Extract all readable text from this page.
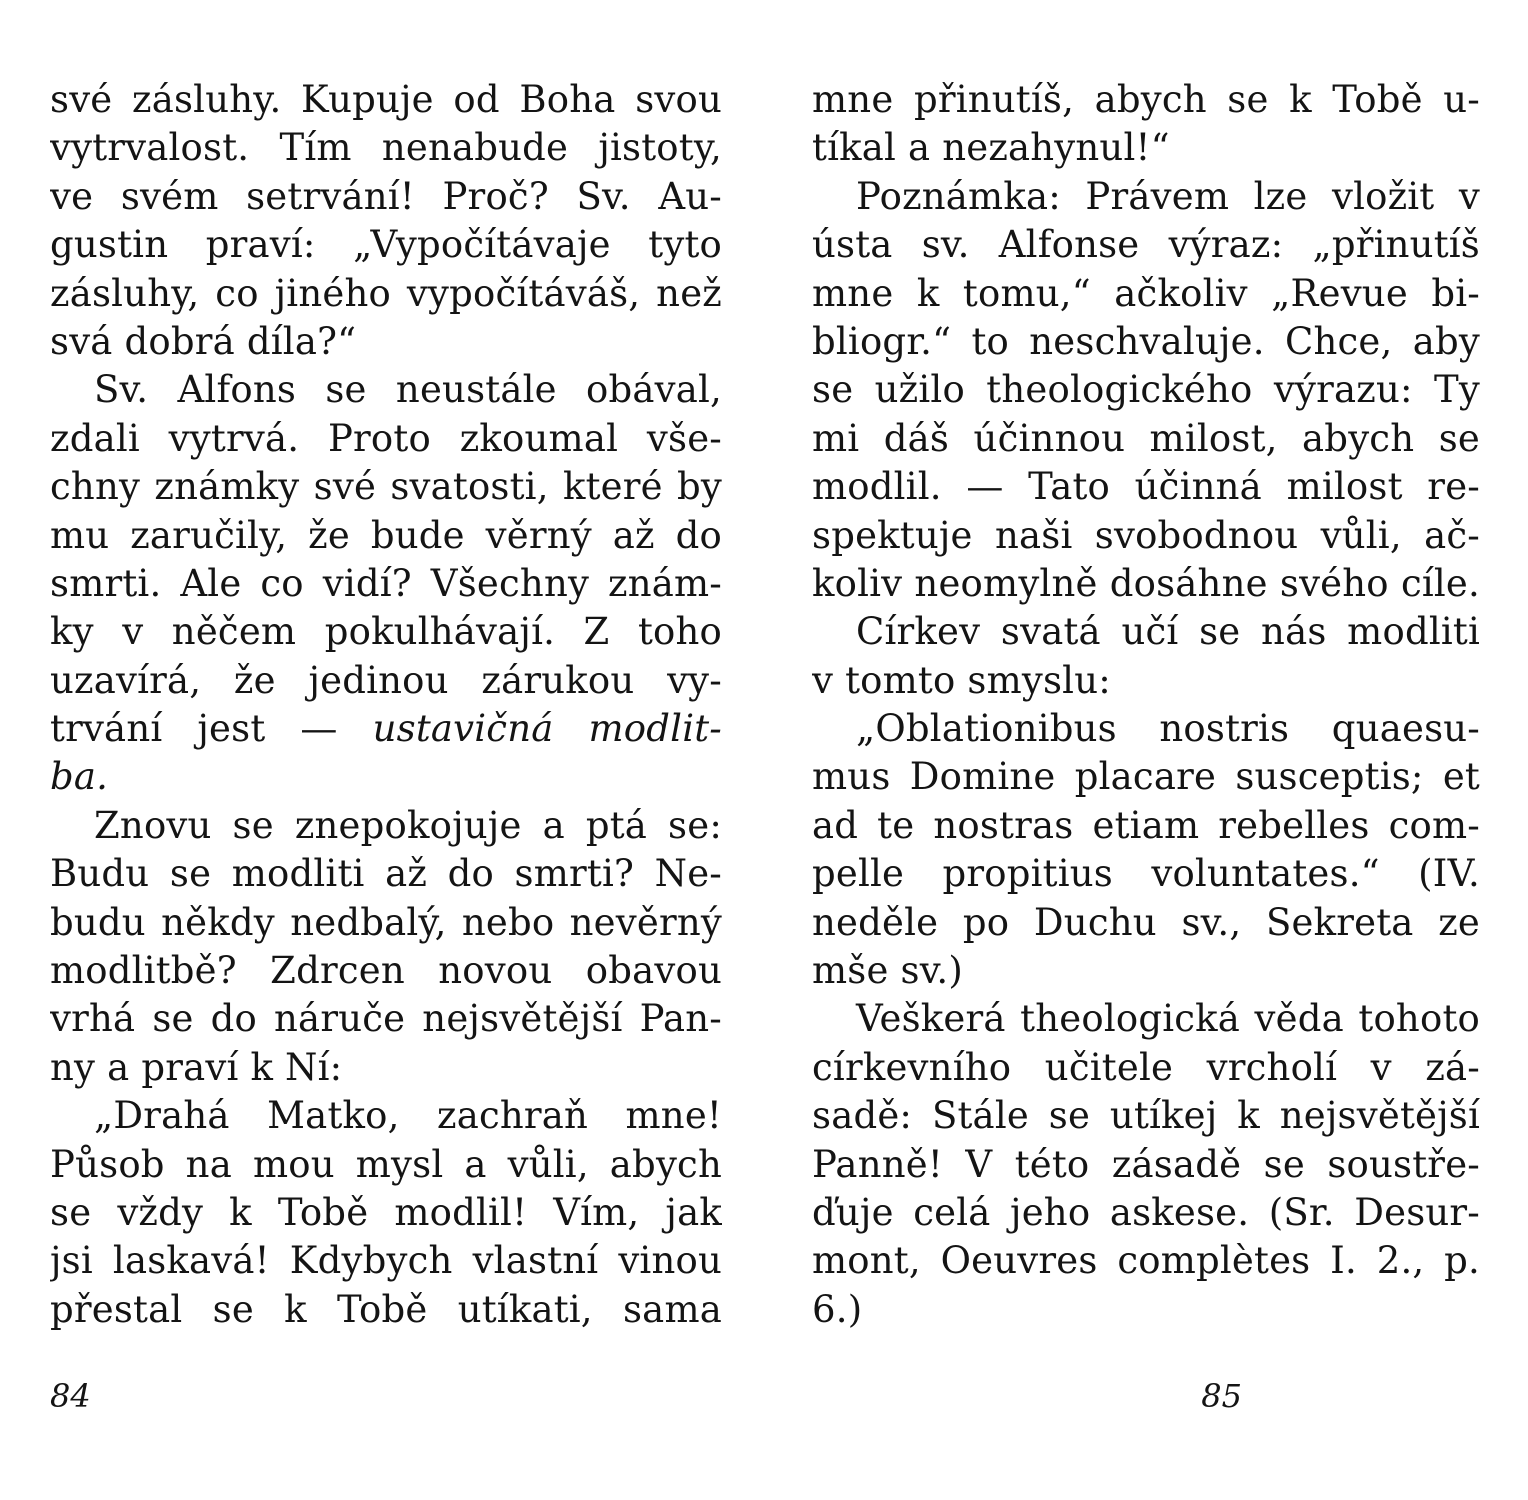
své zásluhy. Kupuje od Boha svou
vytrvalost. Tím nenabude jistoty,
ve svém setrvání! Proč? Sv. Au-
gustin praví: „Vypočítávaje tyto
zásluhy, co jiného vypočítáváš, než
svá dobrá díla?“
Sv. Alfons se neustále obával,
zdali vytrvá. Proto zkoumal vše-
chny známky své svatosti, které by
mu zaručily, že bude věrný až do
smrti. Ale co vidí? Všechny znám-
ky v něčem pokulhávají. Z toho
uzavírá, že jedinou zárukou vy-
trvání jest — ustavičná modlit-
ba.
Znovu se znepokojuje a ptá se:
Budu se modliti až do smrti? Ne-
budu někdy nedbalý, nebo nevěrný
modlitbě? Zdrcen novou obavou
vrhá se do náruče nejsvětější Pan-
ny a praví k Ní:
„Drahá Matko, zachraň mne!
Působ na mou mysl a vůli, abych
se vždy k Tobě modlil! Vím, jak
jsi laskavá! Kdybych vlastní vinou
přestal se k Tobě utíkati, sama
84
mne přinutíš, abych se k Tobě u-
tíkal a nezahynul!“
Poznámka: Právem lze vložit v
ústa sv. Alfonse výraz: „přinutíš
mne k tomu,“ ačkoliv „Revue bi-
bliogr.“ to neschvaluje. Chce, aby
se užilo theologického výrazu: Ty
mi dáš účinnou milost, abych se
modlil. — Tato účinná milost re-
spektuje naši svobodnou vůli, ač-
koliv neomylně dosáhne svého cíle.
Církev svatá učí se nás modliti
v tomto smyslu:
„Oblationibus nostris quaesu-
mus Domine placare susceptis; et
ad te nostras etiam rebelles com-
pelle propitius voluntates.“ (IV.
neděle po Duchu sv., Sekreta ze
mše sv.)
Veškerá theologická věda tohoto
církevního učitele vrcholí v zá-
sadě: Stále se utíkej k nejsvětější
Panně! V této zásadě se soustře-
ďuje celá jeho askese. (Sr. Desur-
mont, Oeuvres complètes I. 2., p.
6.)
85
